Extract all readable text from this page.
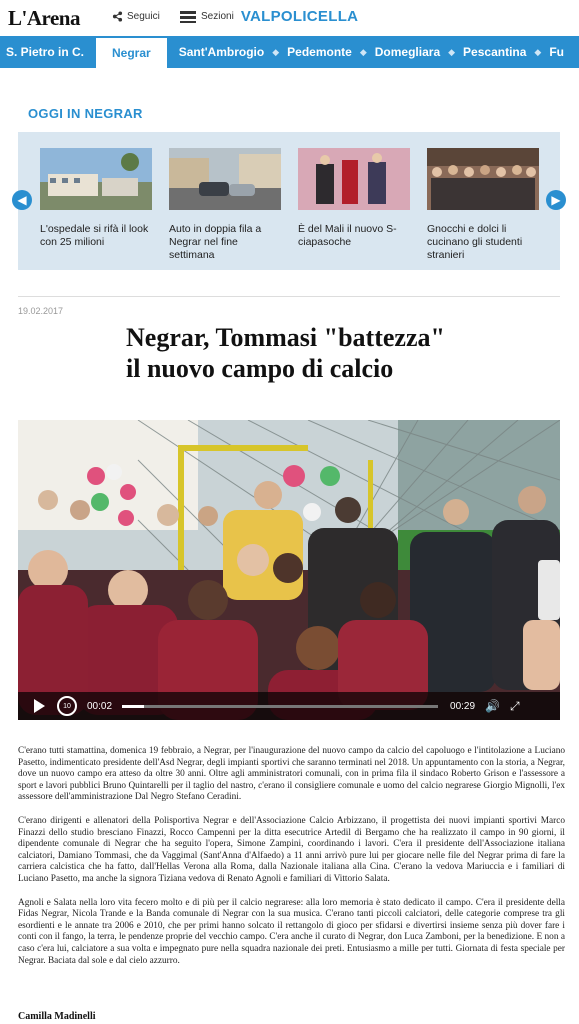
L'Arena	Seguici	Sezioni VALPOLICELLA
S. Pietro in C.	Negrar	Sant'Ambrogio ◆ Pedemonte ◆ Domegliara ◆ Pescantina ◆ Fu
OGGI IN NEGRAR
◀
L'ospedale si rifà il look con 25 milioni
Auto in doppia fila a Negrar nel fine settimana
È del Mali il nuovo S-ciapasoche
Gnocchi e dolci li cucinano gli studenti stranieri
▶
19.02.2017
Negrar, Tommasi "battezza" il nuovo campo di calcio
10	00:02	00:29 🔊 ⤢

C'erano tutti stamattina, domenica 19 febbraio, a Negrar, per l'inaugurazione del nuovo campo da calcio del capoluogo e l'intitolazione a Luciano Pasetto, indimenticato presidente dell'Asd Negrar, degli impianti sportivi che saranno terminati nel 2018. Un appuntamento con la storia, a Negrar, dove un nuovo campo era atteso da oltre 30 anni. Oltre agli amministratori comunali, con in prima fila il sindaco Roberto Grison e l'assessore a sport e lavori pubblici Bruno Quintarelli per il taglio del nastro, c'erano il consigliere comunale e uomo del calcio negrarese Giorgio Mignolli, l'ex assessore dell'amministrazione Dal Negro Stefano Ceradini.

C'erano dirigenti e allenatori della Polisportiva Negrar e dell'Associazione Calcio Arbizzano, il progettista dei nuovi impianti sportivi Marco Finazzi dello studio bresciano Finazzi, Rocco Campenni per la ditta esecutrice Artedil di Bergamo che ha realizzato il campo in 90 giorni, il dipendente comunale di Negrar che ha seguito l'opera, Simone Zampini, coordinando i lavori. C'era il presidente dell'Associazione italiana calciatori, Damiano Tommasi, che da Vaggimal (Sant'Anna d'Alfaedo) a 11 anni arrivò pure lui per giocare nelle file del Negrar prima di fare la carriera calcistica che ha fatto, dall'Hellas Verona alla Roma, dalla Nazionale italiana alla Cina. C'erano la vedova Mariuccia e i familiari di Luciano Pasetto, ma anche la signora Tiziana vedova di Renato Agnoli e familiari di Vittorio Salata.

Agnoli e Salata nella loro vita fecero molto e di più per il calcio negrarese: alla loro memoria è stato dedicato il campo. C'era il presidente della Fidas Negrar, Nicola Trande e la Banda comunale di Negrar con la sua musica. C'erano tanti piccoli calciatori, delle categorie comprese tra gli esordienti e le annate tra 2006 e 2010, che per primi hanno solcato il rettangolo di gioco per sfidarsi e divertirsi insieme senza più dover fare i conti con il fango, la terra, le pendenze proprie del vecchio campo. C'era anche il curato di Negrar, don Luca Zamboni, per la benedizione. E non a caso c'era lui, calciatore a sua volta e impegnato pure nella squadra nazionale dei preti. Entusiasmo a mille per tutti. Giornata di festa speciale per Negrar. Baciata dal sole e dal cielo azzurro.

Camilla Madinelli
